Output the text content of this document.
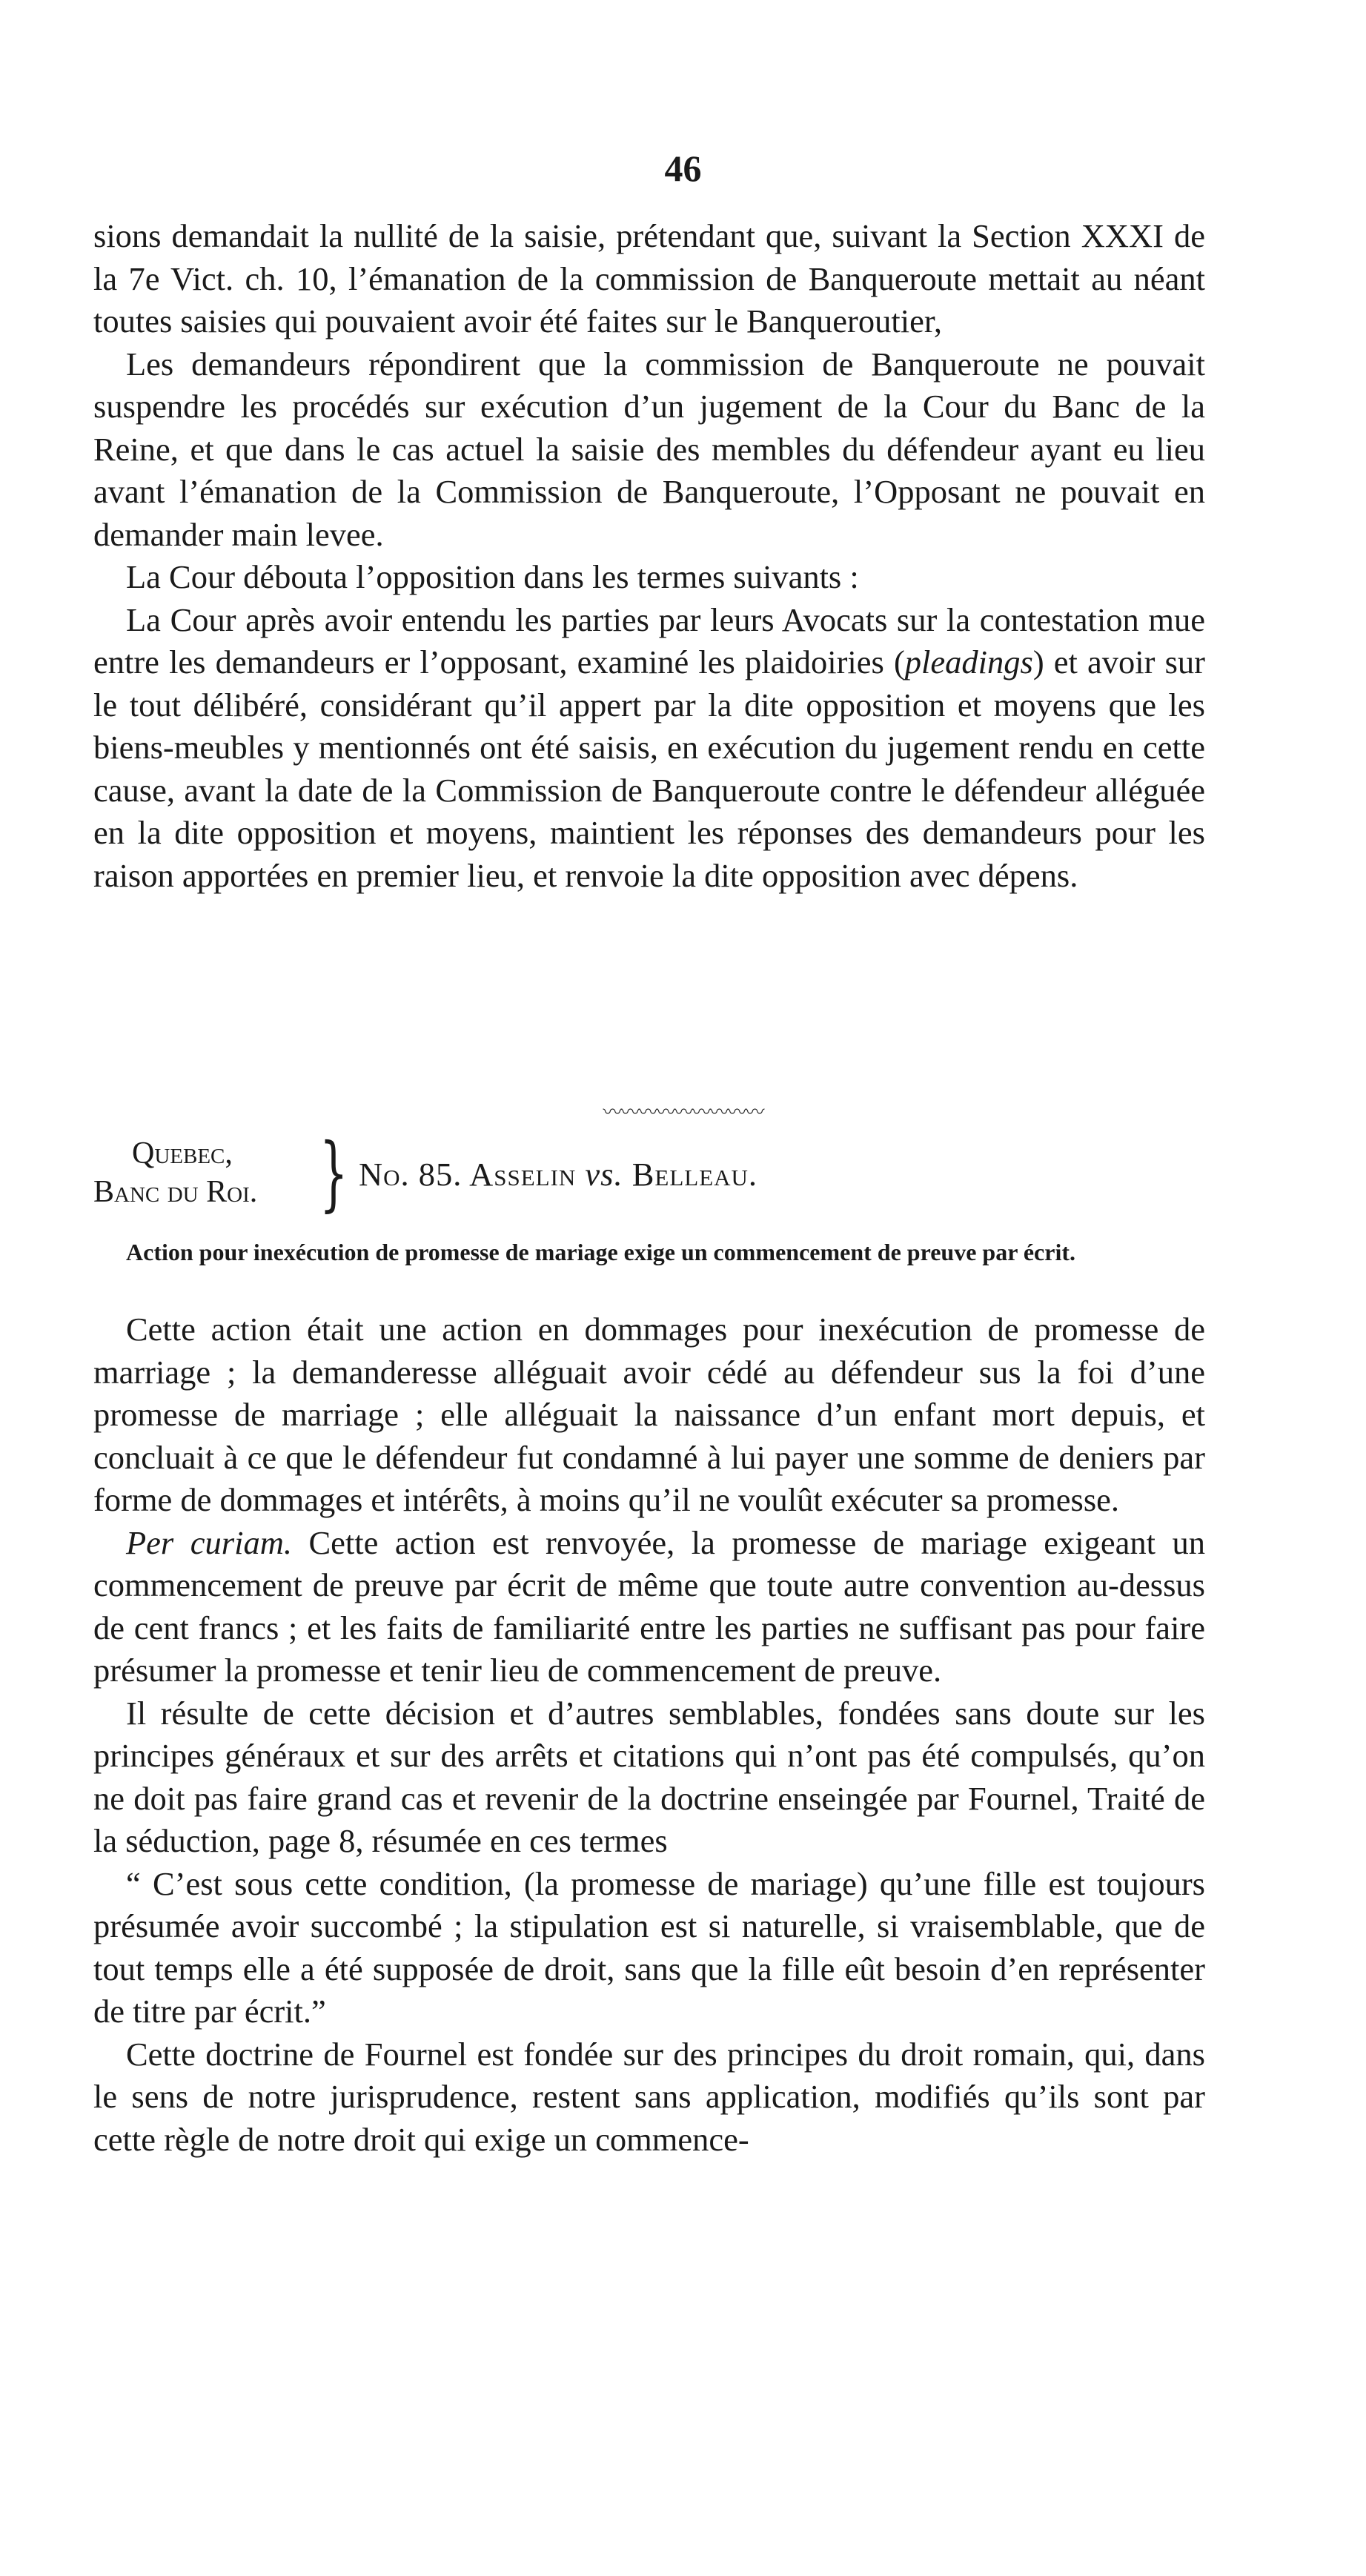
46

sions demandait la nullité de la saisie, prétendant que, suivant la Section XXXI de la 7e Vict. ch. 10, l’émanation de la commission de Banqueroute mettait au néant toutes saisies qui pouvaient avoir été faites sur le Banqueroutier,

Les demandeurs répondirent que la commission de Banqueroute ne pouvait suspendre les procédés sur exécution d’un jugement de la Cour du Banc de la Reine, et que dans le cas actuel la saisie des membles du défendeur ayant eu lieu avant l’émanation de la Commission de Banqueroute, l’Opposant ne pouvait en demander main levee.

La Cour débouta l’opposition dans les termes suivants :

La Cour après avoir entendu les parties par leurs Avocats sur la contestation mue entre les demandeurs er l’opposant, examiné les plaidoiries (pleadings) et avoir sur le tout délibéré, considérant qu’il appert par la dite opposition et moyens que les biens-meubles y mentionnés ont été saisis, en exécution du jugement rendu en cette cause, avant la date de la Commission de Banqueroute contre le défendeur alléguée en la dite opposition et moyens, maintient les réponses des demandeurs pour les raison apportées en premier lieu, et renvoie la dite opposition avec dépens.

〰〰〰〰〰〰〰〰〰
Quebec,
Banc du Roi. } No. 85. Asselin vs. Belleau.

Action pour inexécution de promesse de mariage exige un commencement de preuve par écrit.

Cette action était une action en dommages pour inexécution de promesse de marriage ; la demanderesse alléguait avoir cédé au défendeur sus la foi d’une promesse de marriage ; elle alléguait la naissance d’un enfant mort depuis, et concluait à ce que le défendeur fut condamné à lui payer une somme de deniers par forme de dommages et intérêts, à moins qu’il ne voulût exécuter sa promesse.

Per curiam. Cette action est renvoyée, la promesse de mariage exigeant un commencement de preuve par écrit de même que toute autre convention au-dessus de cent francs ; et les faits de familiarité entre les parties ne suffisant pas pour faire présumer la promesse et tenir lieu de commencement de preuve.

Il résulte de cette décision et d’autres semblables, fondées sans doute sur les principes généraux et sur des arrêts et citations qui n’ont pas été compulsés, qu’on ne doit pas faire grand cas et revenir de la doctrine enseingée par Fournel, Traité de la séduction, page 8, résumée en ces termes

“ C’est sous cette condition, (la promesse de mariage) qu’une fille est toujours présumée avoir succombé ; la stipulation est si naturelle, si vraisemblable, que de tout temps elle a été supposée de droit, sans que la fille eût besoin d’en représenter de titre par écrit.”

Cette doctrine de Fournel est fondée sur des principes du droit romain, qui, dans le sens de notre jurisprudence, restent sans application, modifiés qu’ils sont par cette règle de notre droit qui exige un commence-
